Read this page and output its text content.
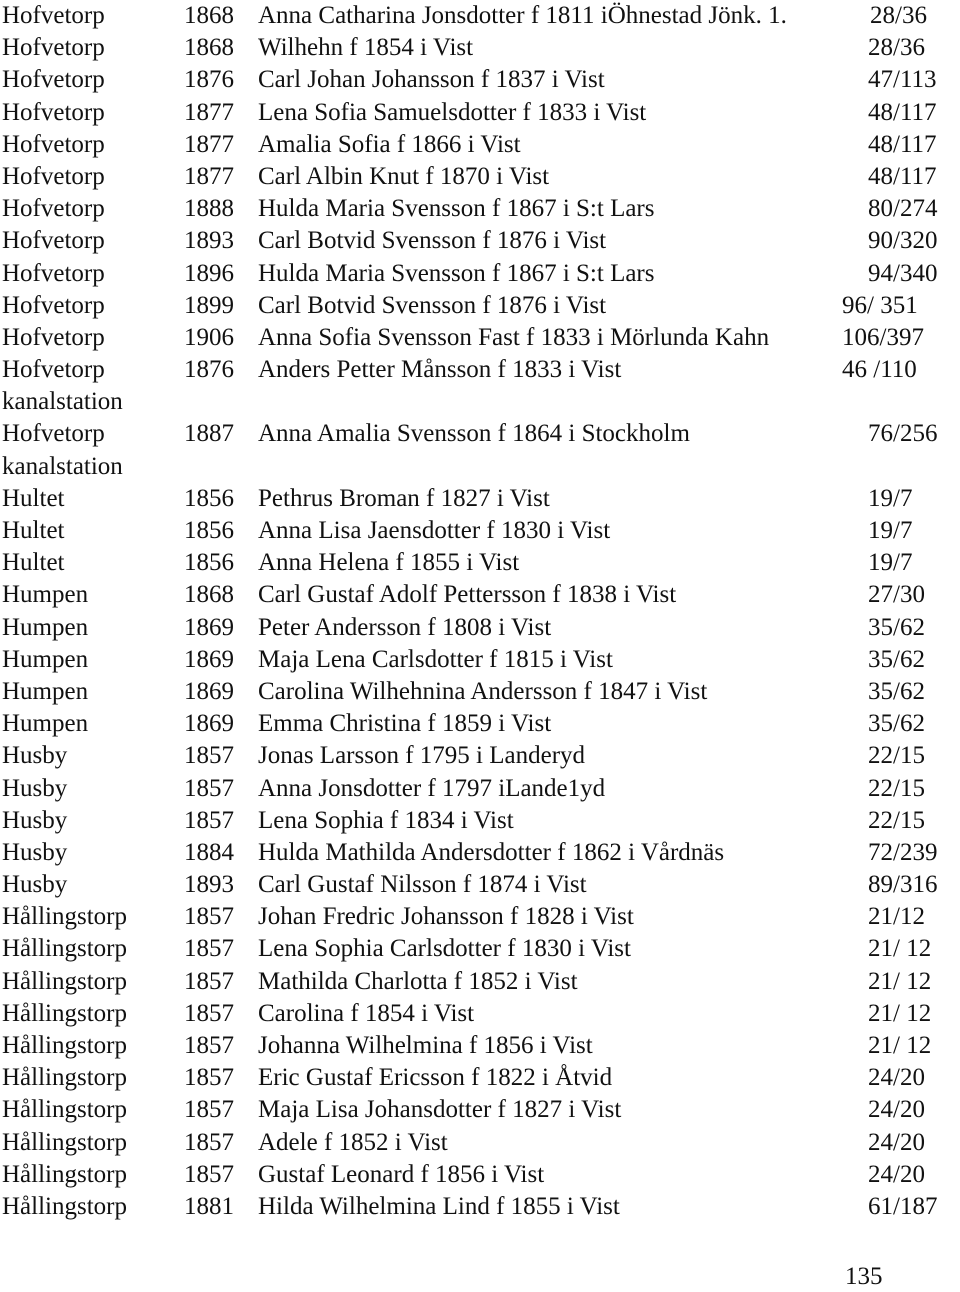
Hofvetorp	1868 Anna Catharina Jonsdotter f 1811 iÖhnestad Jönk. 1.	28/36
Hofvetorp	1868 Wilhehn f 1854 i Vist	28/36
Hofvetorp	1876 Carl Johan Johansson f 1837 i Vist	47/113
Hofvetorp	1877 Lena Sofia Samuelsdotter f 1833 i Vist	48/117
Hofvetorp	1877 Amalia Sofia f 1866 i Vist	48/117
Hofvetorp	1877 Carl Albin Knut f 1870 i Vist	48/117
Hofvetorp	1888 Hulda Maria Svensson f 1867 i S:t Lars	80/274
Hofvetorp	1893 Carl Botvid Svensson f 1876 i Vist	90/320
Hofvetorp	1896 Hulda Maria Svensson f 1867 i S:t Lars	94/340
Hofvetorp	1899 Carl Botvid Svensson f 1876 i Vist	96/ 351
Hofvetorp	1906 Anna Sofia Svensson Fast f 1833 i Mörlunda Kahn	106/397
Hofvetorp	1876 Anders Petter Månsson f 1833 i Vist	46 /110
kanalstation
Hofvetorp	1887 Anna Amalia Svensson f 1864 i Stockholm	76/256
kanalstation
Hultet	1856 Pethrus Broman f 1827 i Vist	19/7
Hultet	1856 Anna Lisa Jaensdotter f 1830 i Vist	19/7
Hultet	1856 Anna Helena f 1855 i Vist	19/7
Humpen	1868 Carl Gustaf Adolf Pettersson f 1838 i Vist	27/30
Humpen	1869 Peter Andersson f 1808 i Vist	35/62
Humpen	1869 Maja Lena Carlsdotter f 1815 i Vist	35/62
Humpen	1869 Carolina Wilhehnina Andersson f 1847 i Vist	35/62
Humpen	1869 Emma Christina f 1859 i Vist	35/62
Husby	1857 Jonas Larsson f 1795 i Landeryd	22/15
Husby	1857 Anna Jonsdotter f 1797 iLande1yd	22/15
Husby	1857 Lena Sophia f 1834 i Vist	22/15
Husby	1884 Hulda Mathilda Andersdotter f 1862 i Vårdnäs	72/239
Husby	1893 Carl Gustaf Nilsson f 1874 i Vist	89/316
Hållingstorp 1857 Johan Fredric Johansson f 1828 i Vist	21/12
Hållingstorp 1857 Lena Sophia Carlsdotter f 1830 i Vist	21/ 12
Hållingstorp 1857 Mathilda Charlotta f 1852 i Vist	21/ 12
Hållingstorp 1857 Carolina f 1854 i Vist	21/ 12
Hållingstorp 1857 Johanna Wilhelmina f 1856 i Vist	21/ 12
Hållingstorp 1857 Eric Gustaf Ericsson f 1822 i Åtvid	24/20
Hållingstorp 1857 Maja Lisa Johansdotter f 1827 i Vist	24/20
Hållingstorp 1857 Adele f 1852 i Vist	24/20
Hållingstorp 1857 Gustaf Leonard f 1856 i Vist	24/20
Hållingstorp 1881 Hilda Wilhelmina Lind f 1855 i Vist	61/187
135
